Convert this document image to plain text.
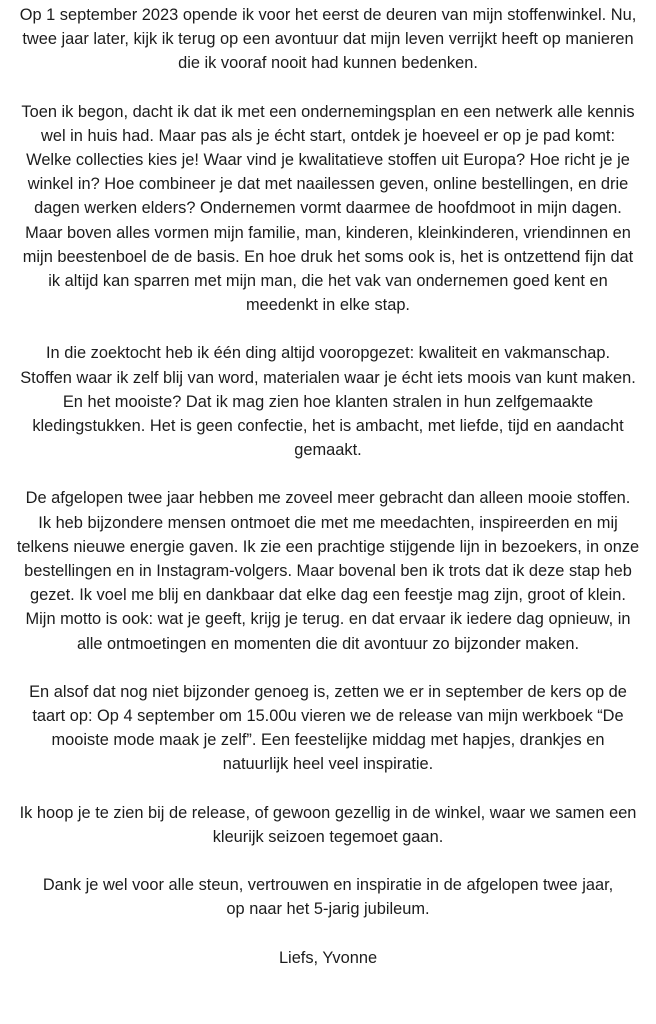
Op 1 september 2023 opende ik voor het eerst de deuren van mijn stoffenwinkel. Nu,
twee jaar later, kijk ik terug op een avontuur dat mijn leven verrijkt heeft op manieren
die ik vooraf nooit had kunnen bedenken.

Toen ik begon, dacht ik dat ik met een ondernemingsplan en een netwerk alle kennis
wel in huis had. Maar pas als je écht start, ontdek je hoeveel er op je pad komt:
Welke collecties kies je! Waar vind je kwalitatieve stoffen uit Europa? Hoe richt je je
winkel in? Hoe combineer je dat met naailessen geven, online bestellingen, en drie
dagen werken elders? Ondernemen vormt daarmee de hoofdmoot in mijn dagen.
Maar boven alles vormen mijn familie, man, kinderen, kleinkinderen, vriendinnen en
mijn beestenboel de de basis. En hoe druk het soms ook is, het is ontzettend fijn dat
ik altijd kan sparren met mijn man, die het vak van ondernemen goed kent en
meedenkt in elke stap.

In die zoektocht heb ik één ding altijd vooropgezet: kwaliteit en vakmanschap.
Stoffen waar ik zelf blij van word, materialen waar je écht iets moois van kunt maken.
En het mooiste? Dat ik mag zien hoe klanten stralen in hun zelfgemaakte
kledingstukken. Het is geen confectie, het is ambacht, met liefde, tijd en aandacht
gemaakt.

De afgelopen twee jaar hebben me zoveel meer gebracht dan alleen mooie stoffen.
Ik heb bijzondere mensen ontmoet die met me meedachten, inspireerden en mij
telkens nieuwe energie gaven. Ik zie een prachtige stijgende lijn in bezoekers, in onze
bestellingen en in Instagram-volgers. Maar bovenal ben ik trots dat ik deze stap heb
gezet. Ik voel me blij en dankbaar dat elke dag een feestje mag zijn, groot of klein.
Mijn motto is ook: wat je geeft, krijg je terug. en dat ervaar ik iedere dag opnieuw, in
alle ontmoetingen en momenten die dit avontuur zo bijzonder maken.

En alsof dat nog niet bijzonder genoeg is, zetten we er in september de kers op de
taart op: Op 4 september om 15.00u vieren we de release van mijn werkboek “De
mooiste mode maak je zelf”. Een feestelijke middag met hapjes, drankjes en
natuurlijk heel veel inspiratie.

Ik hoop je te zien bij de release, of gewoon gezellig in de winkel, waar we samen een
kleurijk seizoen tegemoet gaan.

Dank je wel voor alle steun, vertrouwen en inspiratie in de afgelopen twee jaar,
op naar het 5-jarig jubileum.

Liefs, Yvonne
